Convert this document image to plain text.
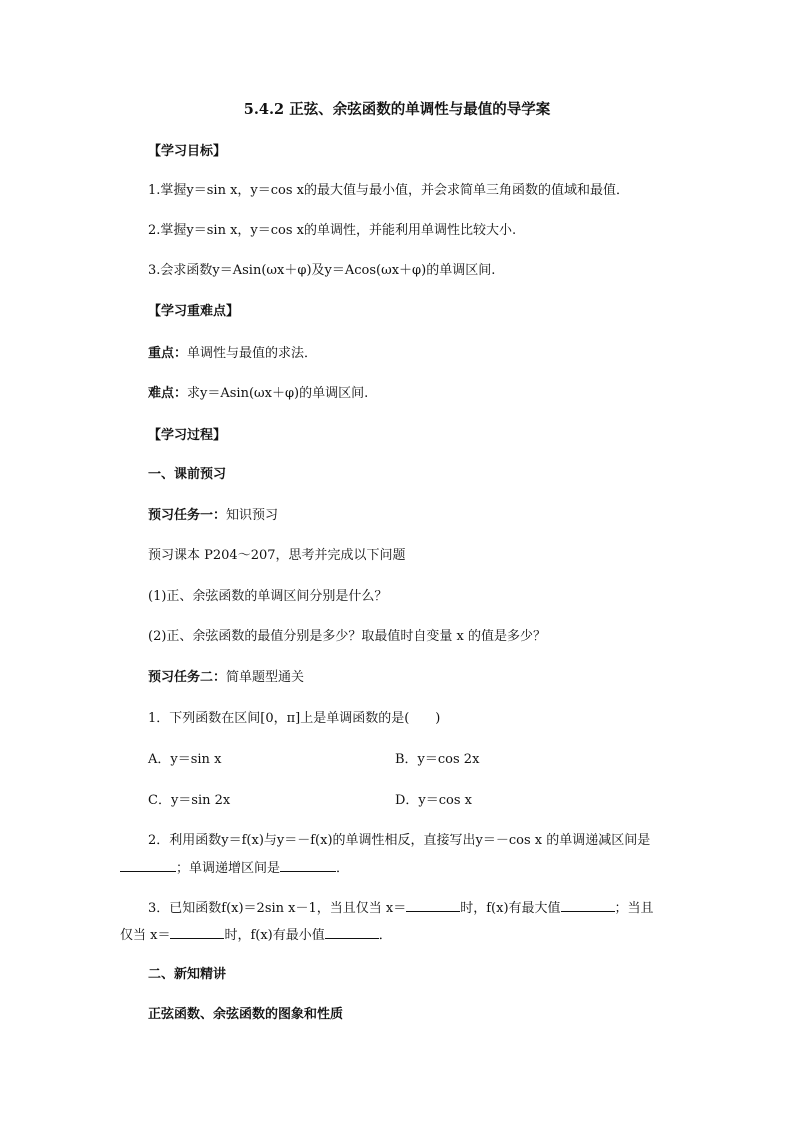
5.4.2 正弦、余弦函数的单调性与最值的导学案
【学习目标】
1.掌握y＝sin x，y＝cos x的最大值与最小值，并会求简单三角函数的值域和最值．
2.掌握y＝sin x，y＝cos x的单调性，并能利用单调性比较大小.
3.会求函数y＝Asin(ωx＋φ)及y＝Acos(ωx＋φ)的单调区间.
【学习重难点】
重点：单调性与最值的求法．
难点：求y＝Asin(ωx＋φ)的单调区间.
【学习过程】
一、课前预习
预习任务一：知识预习
预习课本 P204～207，思考并完成以下问题
(1)正、余弦函数的单调区间分别是什么？
(2)正、余弦函数的最值分别是多少？取最值时自变量 x 的值是多少？
预习任务二：简单题型通关
1．下列函数在区间[0，π]上是单调函数的是(　　)
A．y＝sin x	B．y＝cos 2x
C．y＝sin 2x	D．y＝cos x
2．利用函数y＝f(x)与y＝－f(x)的单调性相反，直接写出y＝－cos x 的单调递减区间是
；单调递增区间是	．
3．已知函数f(x)＝2sin x－1，当且仅当 x＝	时，f(x)有最大值	；当且
仅当 x＝	时，f(x)有最小值	．
二、新知精讲
正弦函数、余弦函数的图象和性质
